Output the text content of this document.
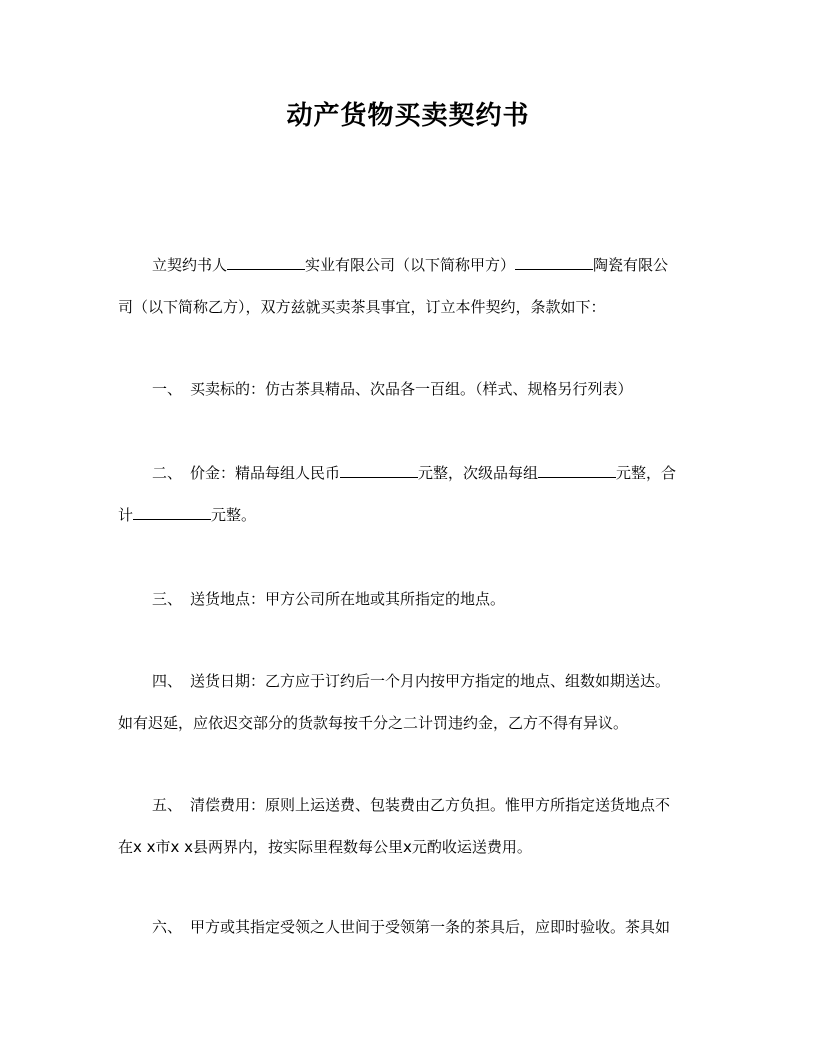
动产货物买卖契约书
立契约书人	实业有限公司（以下简称甲方）	陶瓷有限公
司（以下简称乙方），双方兹就买卖茶具事宜，订立本件契约，条款如下：
一、 买卖标的：仿古茶具精品、次品各一百组。（样式、规格另行列表）
二、 价金：精品每组人民币	元整，次级品每组	元整，合
计	元整。
三、 送货地点：甲方公司所在地或其所指定的地点。
四、 送货日期：乙方应于订约后一个月内按甲方指定的地点、组数如期送达。
如有迟延，应依迟交部分的货款每按千分之二计罚违约金，乙方不得有异议。
五、 清偿费用：原则上运送费、包装费由乙方负担。惟甲方所指定送货地点不
在x x市x x县两界内，按实际里程数每公里x元酌收运送费用。
六、 甲方或其指定受领之人世间于受领第一条的茶具后，应即时验收。茶具如
